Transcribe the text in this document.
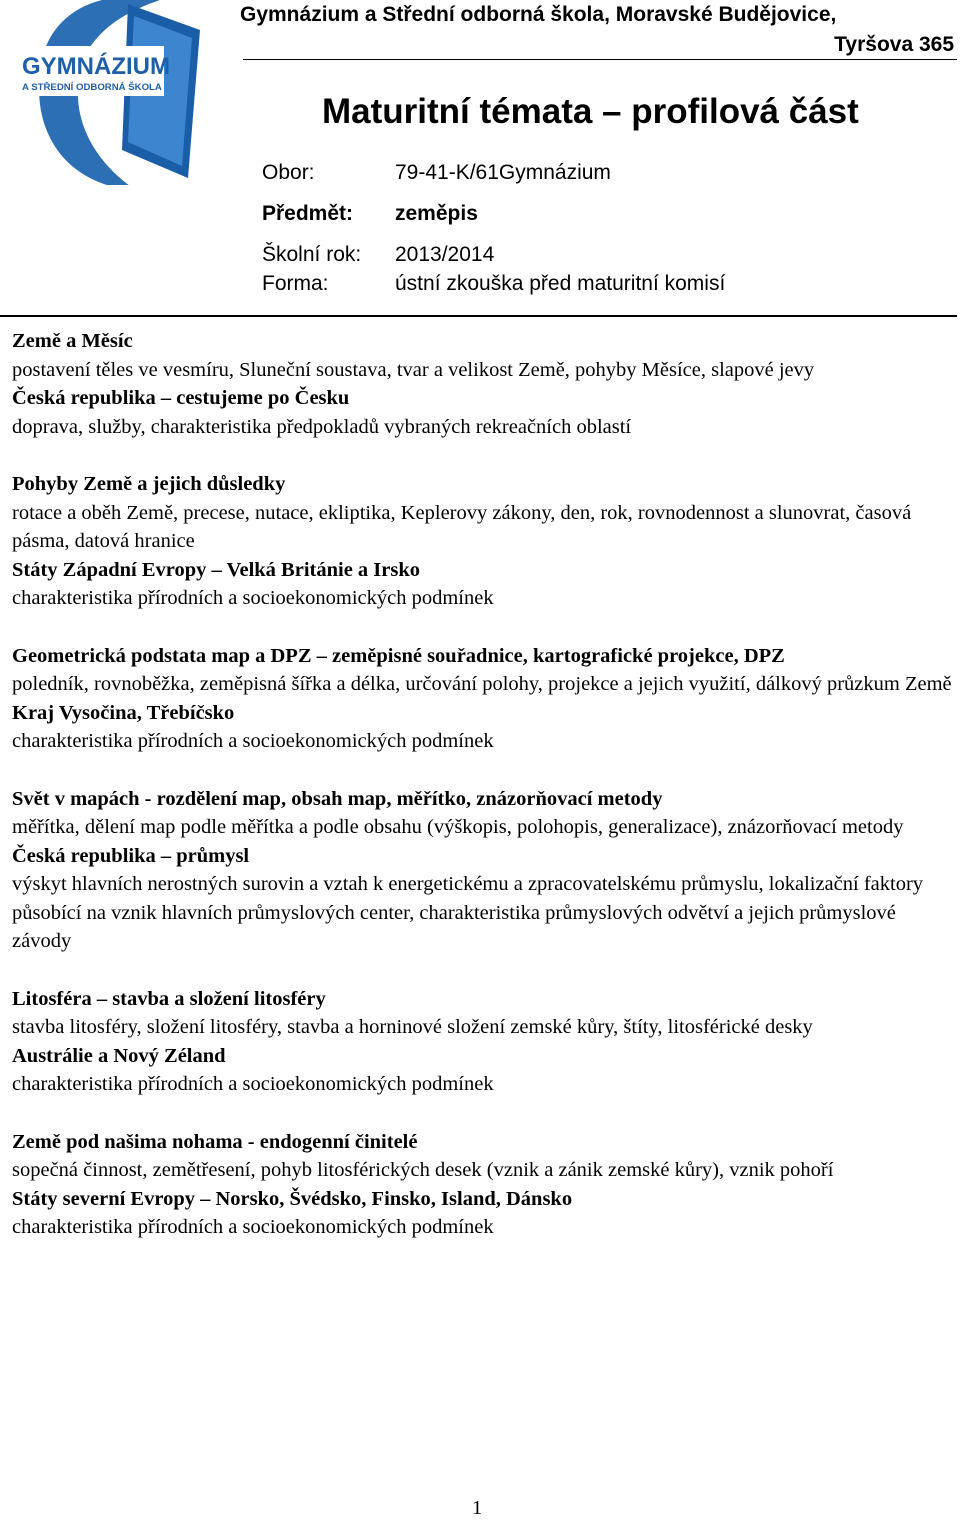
GYMNÁZIUM
A STŘEDNÍ ODBORNÁ ŠKOLA
Gymnázium a Střední odborná škola, Moravské Budějovice,
Tyršova 365
Maturitní témata – profilová část
Obor:	79-41-K/61Gymnázium
Předmět: zeměpis
Školní rok: 2013/2014
Forma:	ústní zkouška před maturitní komisí

Země a Měsíc

postavení těles ve vesmíru, Sluneční soustava, tvar a velikost Země, pohyby Měsíce, slapové jevy

Česká republika – cestujeme po Česku

doprava, služby, charakteristika předpokladů vybraných rekreačních oblastí

Pohyby Země a jejich důsledky

rotace a oběh Země, precese, nutace, ekliptika, Keplerovy zákony, den, rok, rovnodennost a slunovrat, časová pásma, datová hranice

Státy Západní Evropy – Velká Británie a Irsko

charakteristika přírodních a socioekonomických podmínek

Geometrická podstata map a DPZ – zeměpisné souřadnice, kartografické projekce, DPZ

poledník, rovnoběžka, zeměpisná šířka a délka, určování polohy, projekce a jejich využití, dálkový průzkum Země

Kraj Vysočina, Třebíčsko

charakteristika přírodních a socioekonomických podmínek

Svět v mapách - rozdělení map, obsah map, měřítko, znázorňovací metody

měřítka, dělení map podle měřítka a podle obsahu (výškopis, polohopis, generalizace), znázorňovací metody

Česká republika – průmysl

výskyt hlavních nerostných surovin a vztah k energetickému a zpracovatelskému průmyslu, lokalizační faktory působící na vznik hlavních průmyslových center, charakteristika průmyslových odvětví a jejich průmyslové závody

Litosféra – stavba a složení litosféry

stavba litosféry, složení litosféry, stavba a horninové složení zemské kůry, štíty, litosférické desky

Austrálie a Nový Zéland

charakteristika přírodních a socioekonomických podmínek

Země pod našima nohama - endogenní činitelé

sopečná činnost, zemětřesení, pohyb litosférických desek (vznik a zánik zemské kůry), vznik pohoří

Státy severní Evropy – Norsko, Švédsko, Finsko, Island, Dánsko

charakteristika přírodních a socioekonomických podmínek

1
